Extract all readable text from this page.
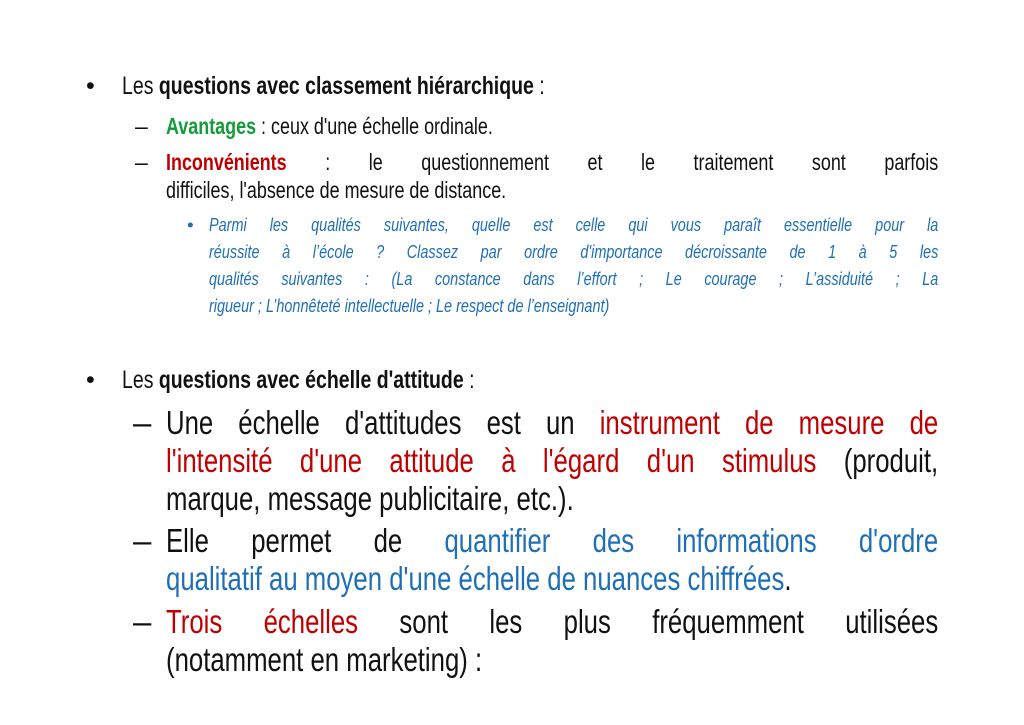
• Les questions avec classement hiérarchique :
– Avantages : ceux d'une échelle ordinale.
– Inconvénients : le questionnement et le traitement sont parfois
difficiles, l'absence de mesure de distance.
• Parmi les qualités suivantes, quelle est celle qui vous paraît essentielle pour la
réussite à l’école ? Classez par ordre d'importance décroissante de 1 à 5 les
qualités suivantes : (La constance dans l’effort ; Le courage ; L’assiduité ; La
rigueur ; L’honnêteté intellectuelle ; Le respect de l’enseignant)
• Les questions avec échelle d'attitude :
– Une échelle d'attitudes est un instrument de mesure de
l'intensité d'une attitude à l'égard d'un stimulus (produit,
marque, message publicitaire, etc.).
– Elle permet de quantifier des informations d'ordre
qualitatif au moyen d'une échelle de nuances chiffrées.
– Trois échelles sont les plus fréquemment utilisées
(notamment en marketing) :
